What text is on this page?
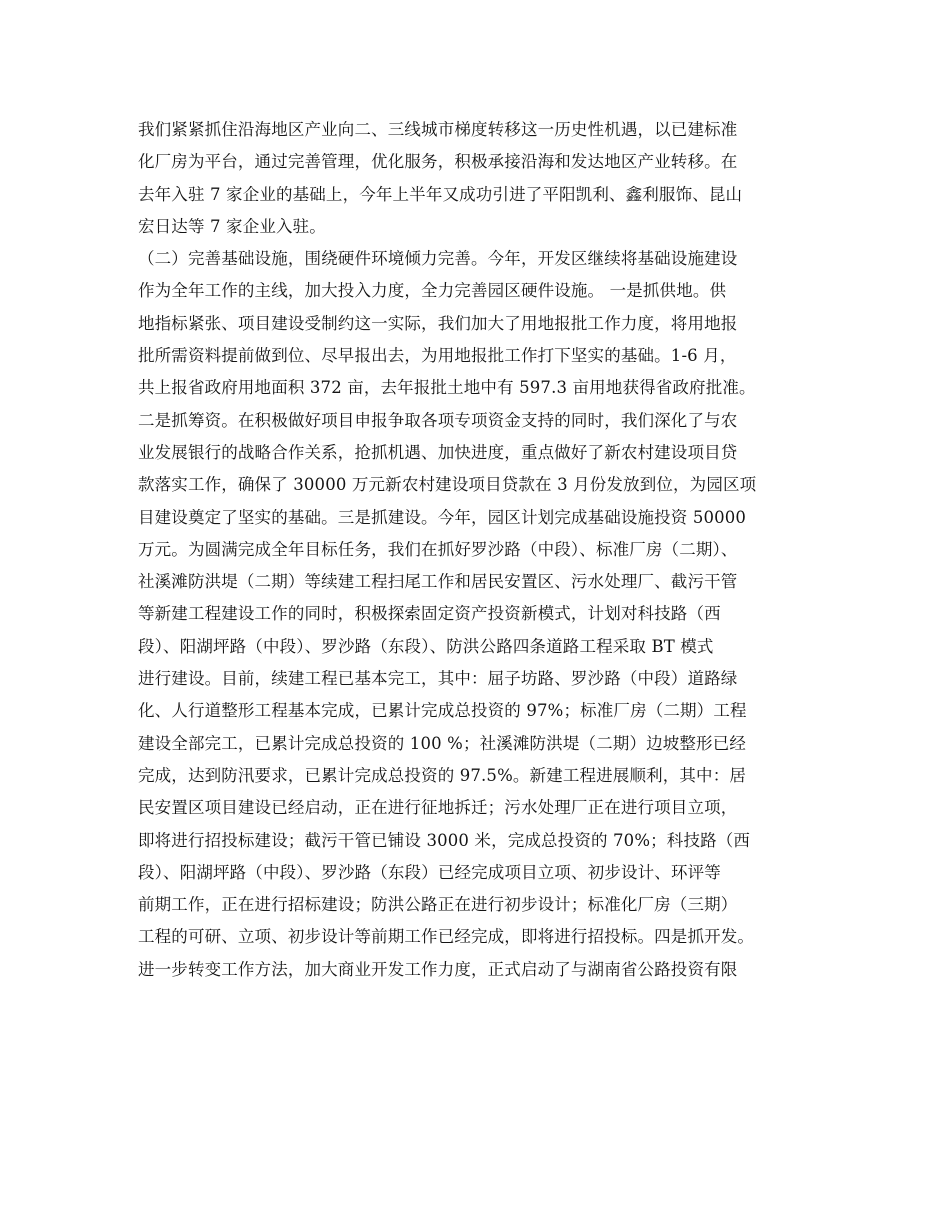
我们紧紧抓住沿海地区产业向二、三线城市梯度转移这一历史性机遇，以已建标准
化厂房为平台，通过完善管理，优化服务，积极承接沿海和发达地区产业转移。在
去年入驻 7 家企业的基础上，今年上半年又成功引进了平阳凯利、鑫利服饰、昆山
宏日达等 7 家企业入驻。
（二）完善基础设施，围绕硬件环境倾力完善。今年，开发区继续将基础设施建设
作为全年工作的主线，加大投入力度，全力完善园区硬件设施。 一是抓供地。供
地指标紧张、项目建设受制约这一实际，我们加大了用地报批工作力度，将用地报
批所需资料提前做到位、尽早报出去，为用地报批工作打下坚实的基础。1-6 月，
共上报省政府用地面积 372 亩，去年报批土地中有 597.3 亩用地获得省政府批准。
二是抓筹资。在积极做好项目申报争取各项专项资金支持的同时，我们深化了与农
业发展银行的战略合作关系，抢抓机遇、加快进度，重点做好了新农村建设项目贷
款落实工作，确保了 30000 万元新农村建设项目贷款在 3 月份发放到位，为园区项
目建设奠定了坚实的基础。三是抓建设。今年，园区计划完成基础设施投资 50000
万元。为圆满完成全年目标任务，我们在抓好罗沙路（中段）、标准厂房（二期）、
社溪滩防洪堤（二期）等续建工程扫尾工作和居民安置区、污水处理厂、截污干管
等新建工程建设工作的同时，积极探索固定资产投资新模式，计划对科技路（西
段）、阳湖坪路（中段）、罗沙路（东段）、防洪公路四条道路工程采取 BT 模式
进行建设。目前，续建工程已基本完工，其中：屈子坊路、罗沙路（中段）道路绿
化、人行道整形工程基本完成，已累计完成总投资的 97%；标准厂房（二期）工程
建设全部完工，已累计完成总投资的 100 %；社溪滩防洪堤（二期）边坡整形已经
完成，达到防汛要求，已累计完成总投资的 97.5%。新建工程进展顺利，其中：居
民安置区项目建设已经启动，正在进行征地拆迁；污水处理厂正在进行项目立项，
即将进行招投标建设；截污干管已铺设 3000 米，完成总投资的 70%；科技路（西
段）、阳湖坪路（中段）、罗沙路（东段）已经完成项目立项、初步设计、环评等
前期工作，正在进行招标建设；防洪公路正在进行初步设计；标准化厂房（三期）
工程的可研、立项、初步设计等前期工作已经完成，即将进行招投标。四是抓开发。
进一步转变工作方法，加大商业开发工作力度，正式启动了与湖南省公路投资有限
